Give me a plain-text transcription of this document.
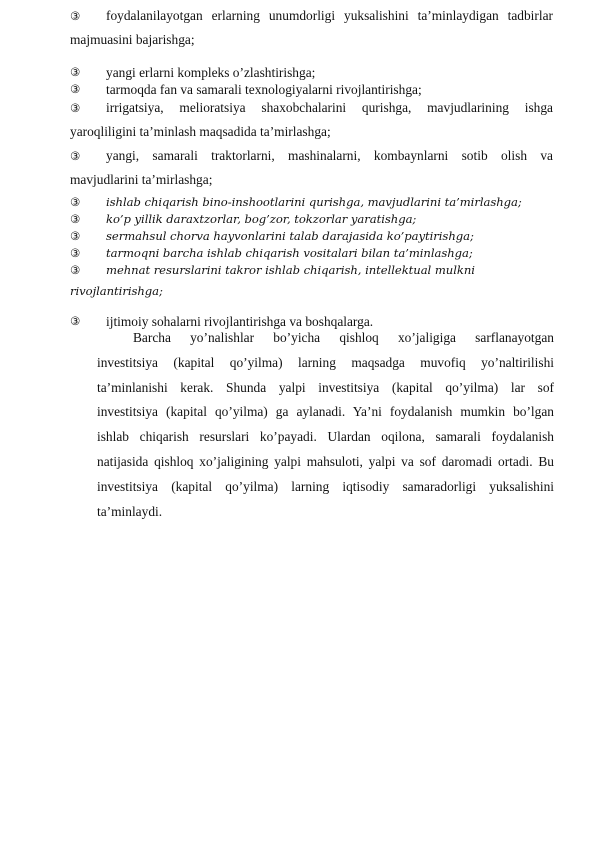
③ foydalanilayotgan erlarning unumdorligi yuksalishini ta’minlaydigan tadbirlar
majmuasini bajarishga;
③ yangi erlarni kompleks o’zlashtirishga;
③ tarmoqda fan va samarali texnologiyalarni rivojlantirishga;
③ irrigatsiya, melioratsiya shaxobchalarini qurishga, mavjudlarining ishga
yaroqliligini ta’minlash maqsadida ta’mirlashga;
③ yangi, samarali traktorlarni, mashinalarni, kombaynlarni sotib olish va
mavjudlarini ta’mirlashga;
③	ishlab chiqarish bino-inshootlarini qurishga, mavjudlarini ta’mirlashga;
③	ko’p yillik daraxtzorlar, bog’zor, tokzorlar yaratishga;
③	sermahsul chorva hayvonlarini talab darajasida ko’paytirishga;
③	tarmoqni barcha ishlab chiqarish vositalari bilan ta’minlashga;
③	mehnat resurslarini takror ishlab chiqarish, intellektual mulkni
rivojlantirishga;
③ ijtimoiy sohalarni rivojlantirishga va boshqalarga.
Barcha yo’nalishlar bo’yicha qishloq xo’jaligiga sarflanayotgan
investitsiya (kapital qo’yilma) larning maqsadga muvofiq yo’naltirilishi
ta’minlanishi kerak. Shunda yalpi investitsiya (kapital qo’yilma) lar sof
investitsiya (kapital qo’yilma) ga aylanadi. Ya’ni foydalanish mumkin bo’lgan
ishlab chiqarish resurslari ko’payadi. Ulardan oqilona, samarali foydalanish
natijasida qishloq xo’jaligining yalpi mahsuloti, yalpi va sof daromadi ortadi. Bu
investitsiya (kapital qo’yilma) larning iqtisodiy samaradorligi yuksalishini
ta’minlaydi.
